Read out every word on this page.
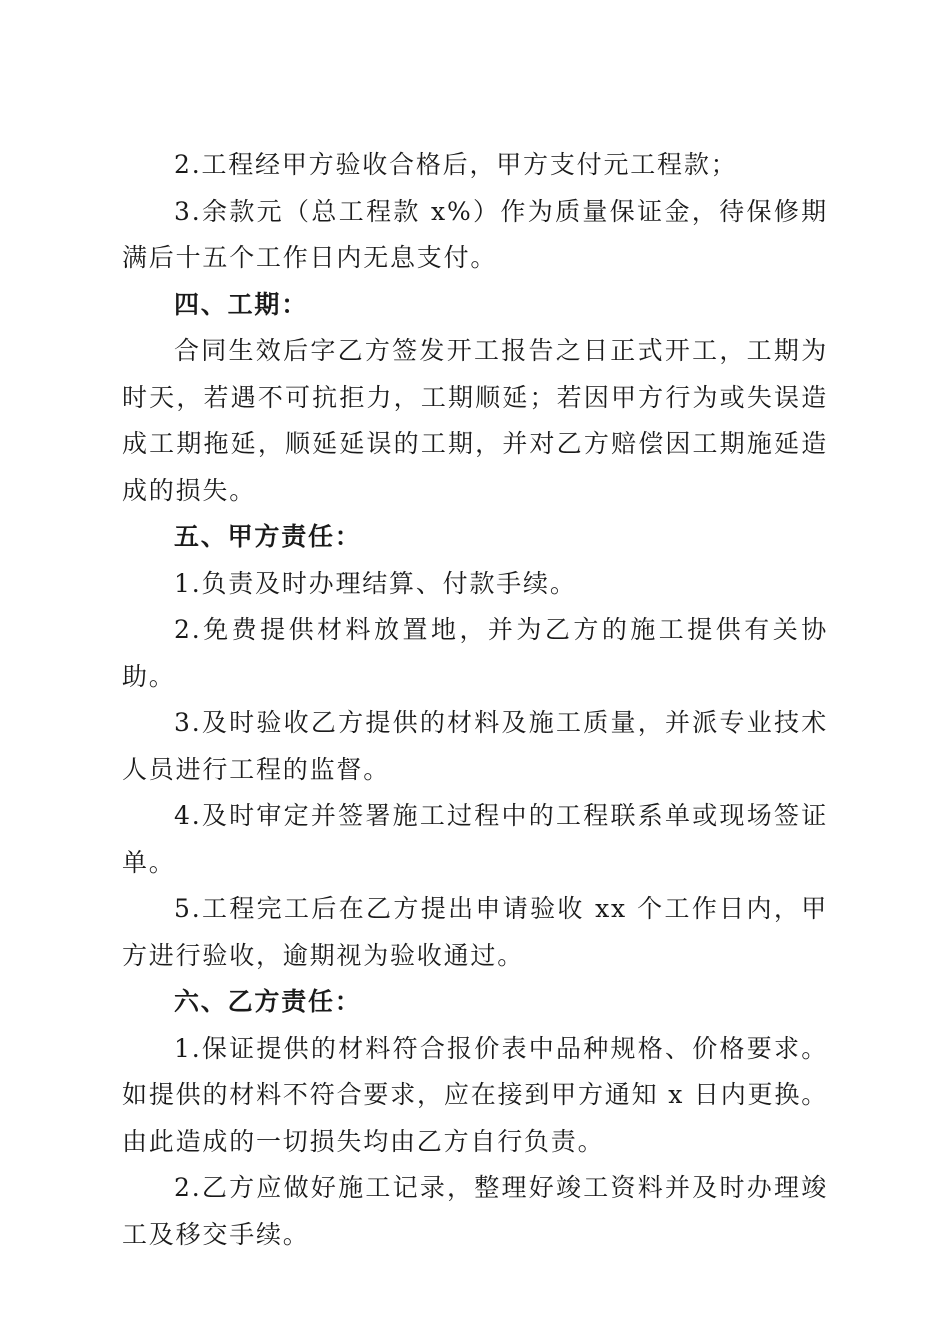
2.工程经甲方验收合格后，甲方支付元工程款；

3.余款元（总工程款 x%）作为质量保证金，待保修期满后十五个工作日内无息支付。

四、工期：

合同生效后字乙方签发开工报告之日正式开工，工期为时天，若遇不可抗拒力，工期顺延；若因甲方行为或失误造成工期拖延，顺延延误的工期，并对乙方赔偿因工期施延造成的损失。

五、甲方责任：

1.负责及时办理结算、付款手续。

2.免费提供材料放置地，并为乙方的施工提供有关协助。

3.及时验收乙方提供的材料及施工质量，并派专业技术人员进行工程的监督。

4.及时审定并签署施工过程中的工程联系单或现场签证单。

5.工程完工后在乙方提出申请验收 xx 个工作日内，甲方进行验收，逾期视为验收通过。

六、乙方责任：

1.保证提供的材料符合报价表中品种规格、价格要求。如提供的材料不符合要求，应在接到甲方通知 x 日内更换。由此造成的一切损失均由乙方自行负责。

2.乙方应做好施工记录，整理好竣工资料并及时办理竣工及移交手续。
